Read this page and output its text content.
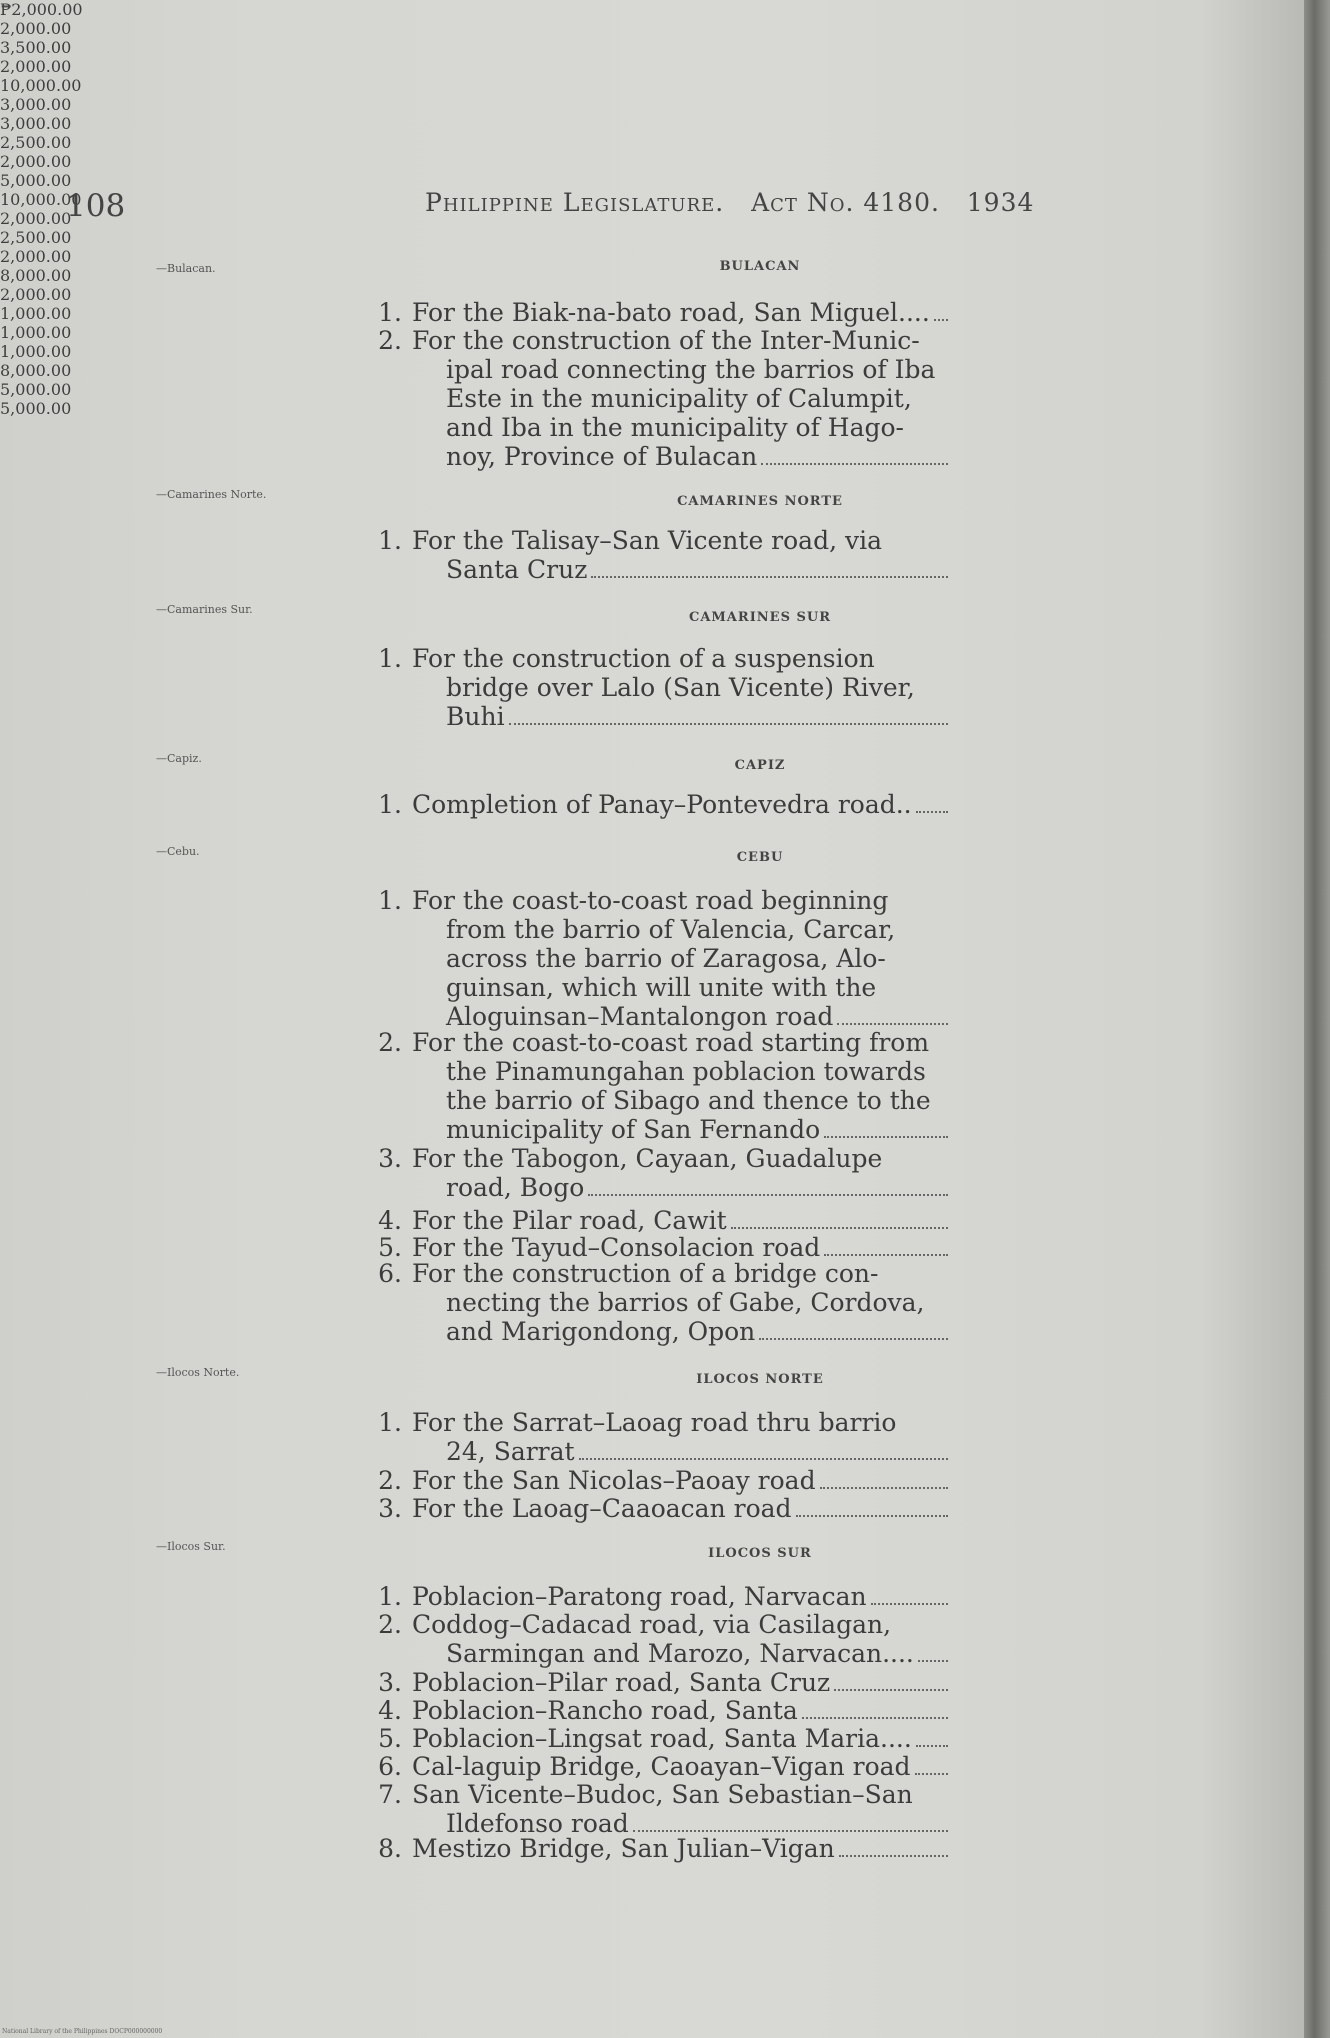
108	Philippine Legislature. Act No. 4180. 1934
—Bulacan.	BULACAN
1. For the Biak-na-bato road, San Miguel....
₱2,000.00
2. For the construction of the Inter-Munic-
ipal road connecting the barrios of Iba
Este in the municipality of Calumpit,
and Iba in the municipality of Hago-
noy, Province of Bulacan
2,000.00
—Camarines Norte.	CAMARINES NORTE
1. For the Talisay–San Vicente road, via
Santa Cruz
3,500.00
—Camarines Sur.
CAMARINES SUR
1. For the construction of a suspension
bridge over Lalo (San Vicente) River,
Buhi
2,000.00
—Capiz.	CAPIZ
1. Completion of Panay–Pontevedra road..
10,000.00
—Cebu.	CEBU
1. For the coast-to-coast road beginning
from the barrio of Valencia, Carcar,
across the barrio of Zaragosa, Alo-
guinsan, which will unite with the
Aloguinsan–Mantalongon road
3,000.00
2. For the coast-to-coast road starting from
the Pinamungahan poblacion towards
the barrio of Sibago and thence to the
municipality of San Fernando
3,000.00
3. For the Tabogon, Cayaan, Guadalupe
road, Bogo
2,500.00
4. For the Pilar road, Cawit
2,000.00
5. For the Tayud–Consolacion road
5,000.00
6. For the construction of a bridge con-
necting the barrios of Gabe, Cordova,
and Marigondong, Opon
10,000.00
—Ilocos Norte.	ILOCOS NORTE
1. For the Sarrat–Laoag road thru barrio
24, Sarrat
2,000.00
2. For the San Nicolas–Paoay road
2,500.00
3. For the Laoag–Caaoacan road
2,000.00
—Ilocos Sur.	ILOCOS SUR
1. Poblacion–Paratong road, Narvacan
8,000.00
2. Coddog–Cadacad road, via Casilagan,
Sarmingan and Marozo, Narvacan....
2,000.00
3. Poblacion–Pilar road, Santa Cruz
1,000.00
4. Poblacion–Rancho road, Santa
1,000.00
5. Poblacion–Lingsat road, Santa Maria....
1,000.00
6. Cal-laguip Bridge, Caoayan–Vigan road
8,000.00
7. San Vicente–Budoc, San Sebastian–San
Ildefonso road
5,000.00
8. Mestizo Bridge, San Julian–Vigan
5,000.00
National Library of the Philippines DOCP000000000
